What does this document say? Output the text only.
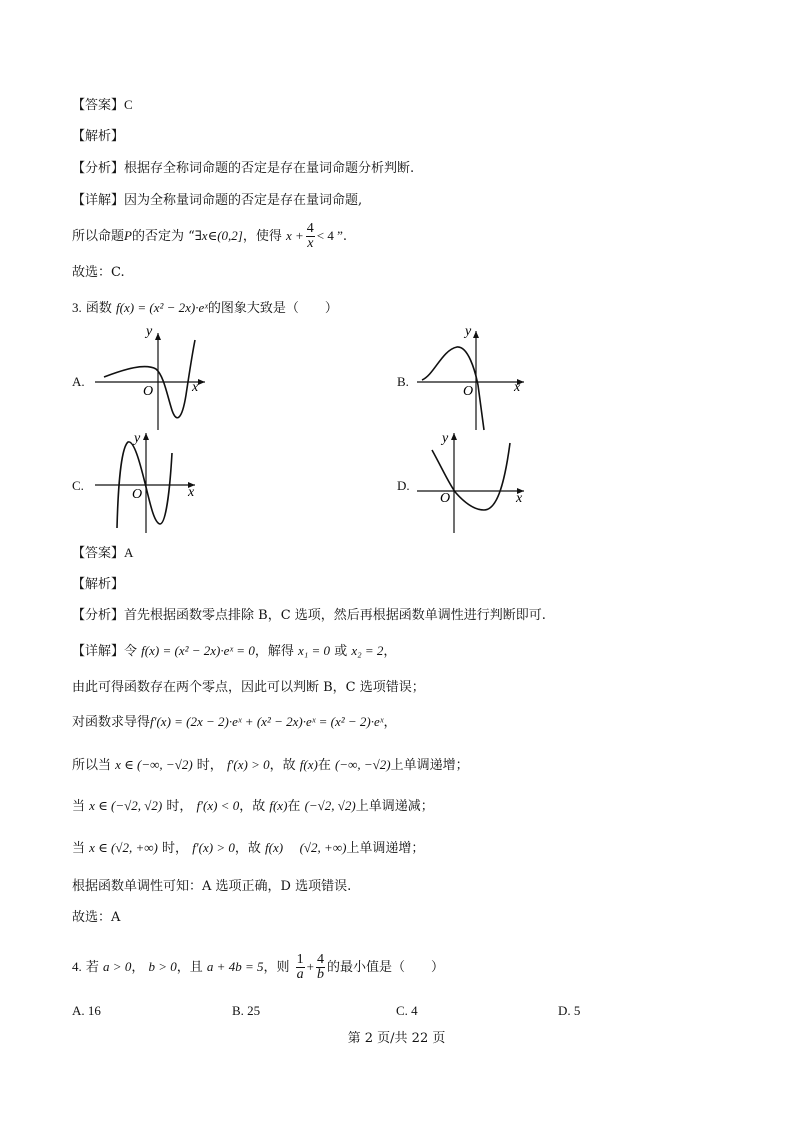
【答案】C
【解析】
【分析】根据存全称词命题的否定是存在量词命题分析判断.
【详解】因为全称量词命题的否定是存在量词命题,
所以命题P的否定为 “∃x∈(0,2]，使得 $x + \frac{4}{x} < 4$ ”.
故选：C.
3. 函数 f(x) = (x² − 2x)·eˣ的图象大致是（　　）
A.
y
x
O
B.
y
x
O
C.
y
x
O
D.
y
x
O
【答案】A
【解析】
【分析】首先根据函数零点排除 B，C 选项，然后再根据函数单调性进行判断即可.
【详解】令 f(x) = (x² − 2x)·eˣ = 0，解得 x₁ = 0 或 x₂ = 2，
由此可得函数存在两个零点，因此可以判断 B，C 选项错误；
对函数求导得f′(x) = (2x − 2)·eˣ + (x² − 2x)·eˣ = (x² − 2)·eˣ，
所以当 x ∈ (−∞, −√2) 时， f′(x) > 0，故 f(x)在 (−∞, −√2)上单调递增；
当 x ∈ (−√2, √2) 时， f′(x) < 0，故 f(x)在 (−√2, √2)上单调递减；
当 x ∈ (√2, +∞) 时， f′(x) > 0，故 f(x) (√2, +∞)上单调递增；
根据函数单调性可知：A 选项正确，D 选项错误.
故选：A
4. 若 a > 0， b > 0，且 a + 4b = 5，则 $\frac{1}{a} + \frac{4}{b}$ 的最小值是（　　）
A. 16	B. 25	C. 4	D. 5
第 2 页/共 22 页
